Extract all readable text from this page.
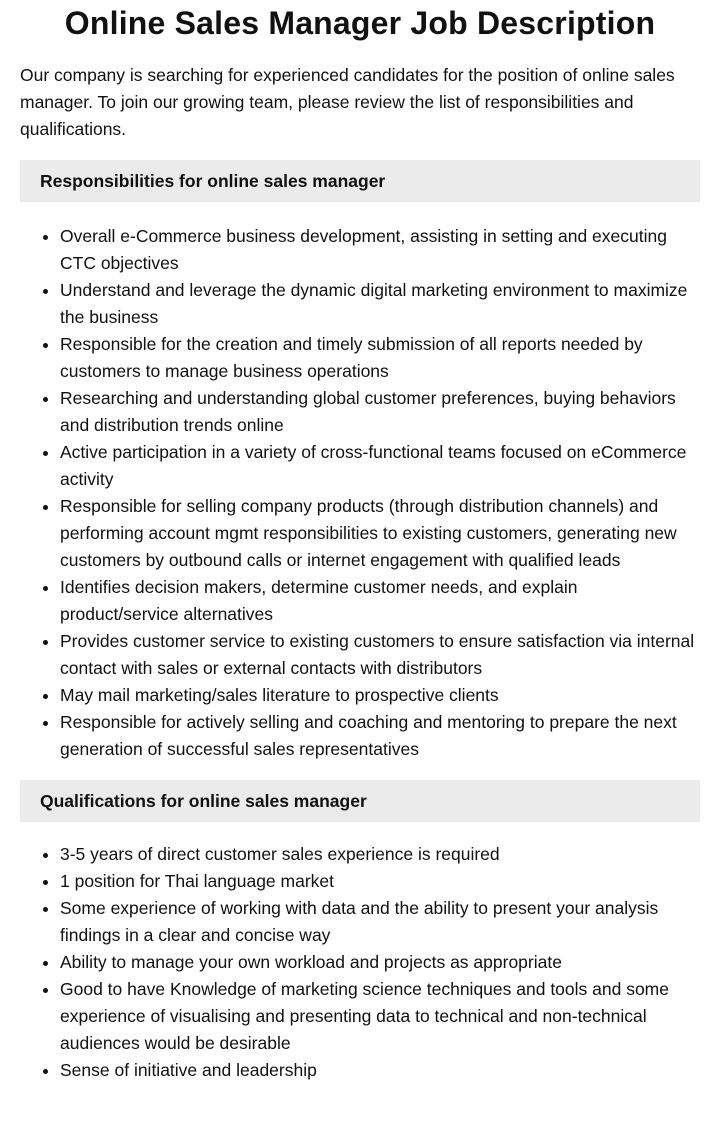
Online Sales Manager Job Description

Our company is searching for experienced candidates for the position of online sales manager. To join our growing team, please review the list of responsibilities and qualifications.

Responsibilities for online sales manager
• Overall e-Commerce business development, assisting in setting and executing CTC objectives
• Understand and leverage the dynamic digital marketing environment to maximize the business
• Responsible for the creation and timely submission of all reports needed by customers to manage business operations
• Researching and understanding global customer preferences, buying behaviors and distribution trends online
• Active participation in a variety of cross-functional teams focused on eCommerce activity
• Responsible for selling company products (through distribution channels) and performing account mgmt responsibilities to existing customers, generating new customers by outbound calls or internet engagement with qualified leads
• Identifies decision makers, determine customer needs, and explain product/service alternatives
• Provides customer service to existing customers to ensure satisfaction via internal contact with sales or external contacts with distributors
• May mail marketing/sales literature to prospective clients
• Responsible for actively selling and coaching and mentoring to prepare the next generation of successful sales representatives
Qualifications for online sales manager
• 3-5 years of direct customer sales experience is required
• 1 position for Thai language market
• Some experience of working with data and the ability to present your analysis findings in a clear and concise way
• Ability to manage your own workload and projects as appropriate
• Good to have Knowledge of marketing science techniques and tools and some experience of visualising and presenting data to technical and non-technical audiences would be desirable
• Sense of initiative and leadership
